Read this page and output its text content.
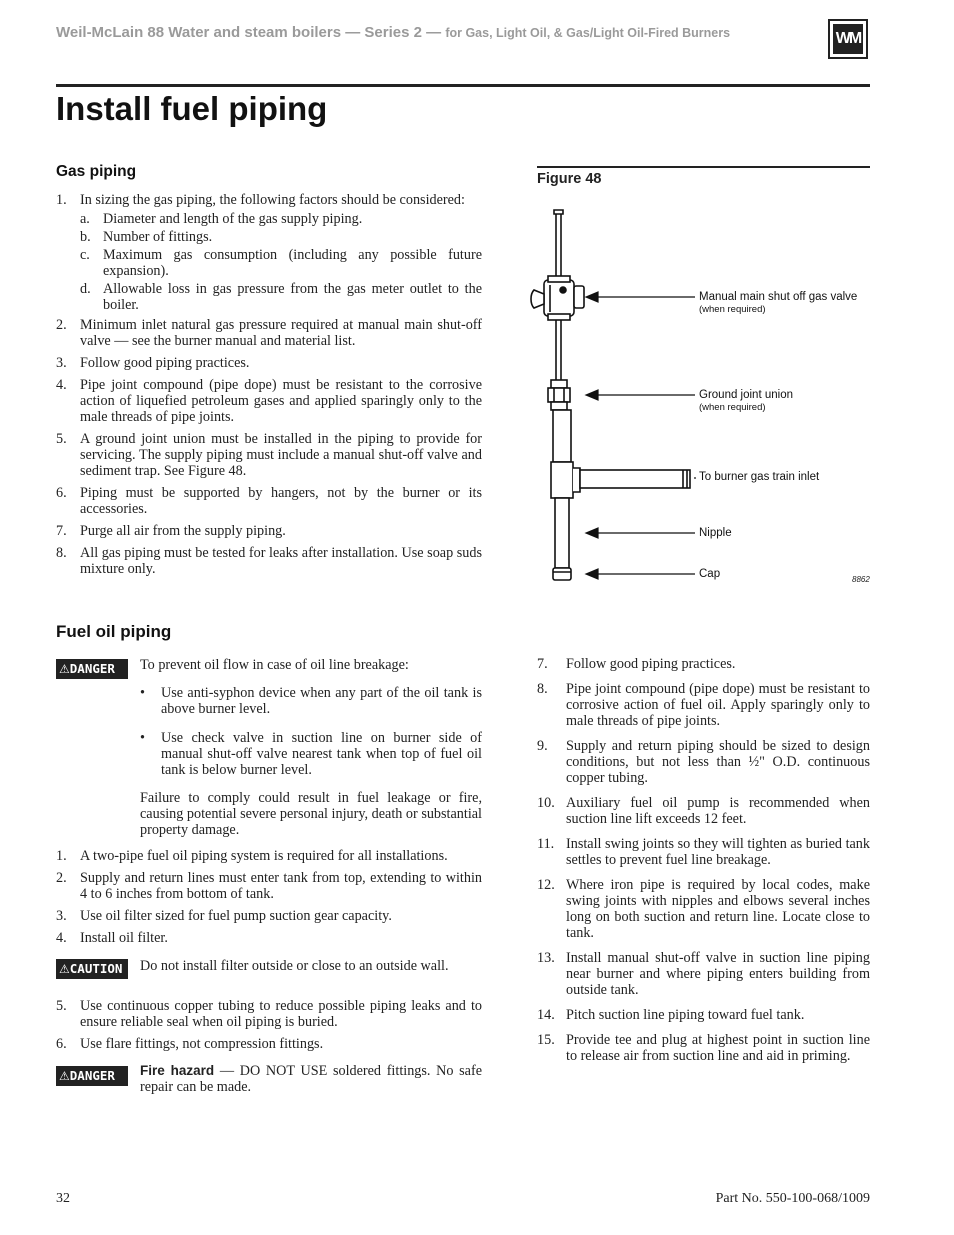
Weil-McLain 88 Water and steam boilers — Series 2 — for Gas, Light Oil, & Gas/Light Oil-Fired Burners	WM
Install fuel piping
Gas piping
1. In sizing the gas piping, the following factors should be considered:
a. Diameter and length of the gas supply piping.
b. Number of fittings.
c. Maximum gas consumption (including any possible future expansion).
d. Allowable loss in gas pressure from the gas meter outlet to the boiler.
2. Minimum inlet natural gas pressure required at manual main shut-off valve — see the burner manual and material list.
3. Follow good piping practices.
4. Pipe joint compound (pipe dope) must be resistant to the corrosive action of liquefied petroleum gases and applied sparingly only to the male threads of pipe joints.
5. A ground joint union must be installed in the piping to provide for servicing. The supply piping must include a manual shut-off valve and sediment trap. See Figure 48.
6. Piping must be supported by hangers, not by the burner or its accessories.
7. Purge all air from the supply piping.
8. All gas piping must be tested for leaks after installation. Use soap suds mixture only.
Figure 48
Manual main shut off gas valve
(when required)
Ground joint union
(when required)
To burner gas train inlet
Nipple
Cap	8862
Fuel oil piping
⚠DANGER	To prevent oil flow in case of oil line breakage:
•	Use anti-syphon device when any part of the oil tank is above burner level.
•	Use check valve in suction line on burner side of manual shut-off valve nearest tank when top of fuel oil tank is below burner level.
Failure to comply could result in fuel leakage or fire, causing potential severe personal injury, death or substantial property damage.
1. A two-pipe fuel oil piping system is required for all installations.
2. Supply and return lines must enter tank from top, extending to within 4 to 6 inches from bottom of tank.
3. Use oil filter sized for fuel pump suction gear capacity.
4. Install oil filter.
⚠CAUTION	Do not install filter outside or close to an outside wall.
5. Use continuous copper tubing to reduce possible piping leaks and to ensure reliable seal when oil piping is buried.
6. Use flare fittings, not compression fittings.
⚠DANGER	Fire hazard — DO NOT USE soldered fittings. No safe repair can be made.
7.	Follow good piping practices.
8.	Pipe joint compound (pipe dope) must be resistant to corrosive action of fuel oil. Apply sparingly only to male threads of pipe joints.
9.	Supply and return piping should be sized to design conditions, but not less than ½" O.D. continuous copper tubing.
10. Auxiliary fuel oil pump is recommended when suction line lift exceeds 12 feet.
11. Install swing joints so they will tighten as buried tank settles to prevent fuel line breakage.
12. Where iron pipe is required by local codes, make swing joints with nipples and elbows several inches long on both suction and return line. Locate close to tank.
13. Install manual shut-off valve in suction line piping near burner and where piping enters building from outside tank.
14. Pitch suction line piping toward fuel tank.
15. Provide tee and plug at highest point in suction line to release air from suction line and aid in priming.
32	Part No. 550-100-068/1009
